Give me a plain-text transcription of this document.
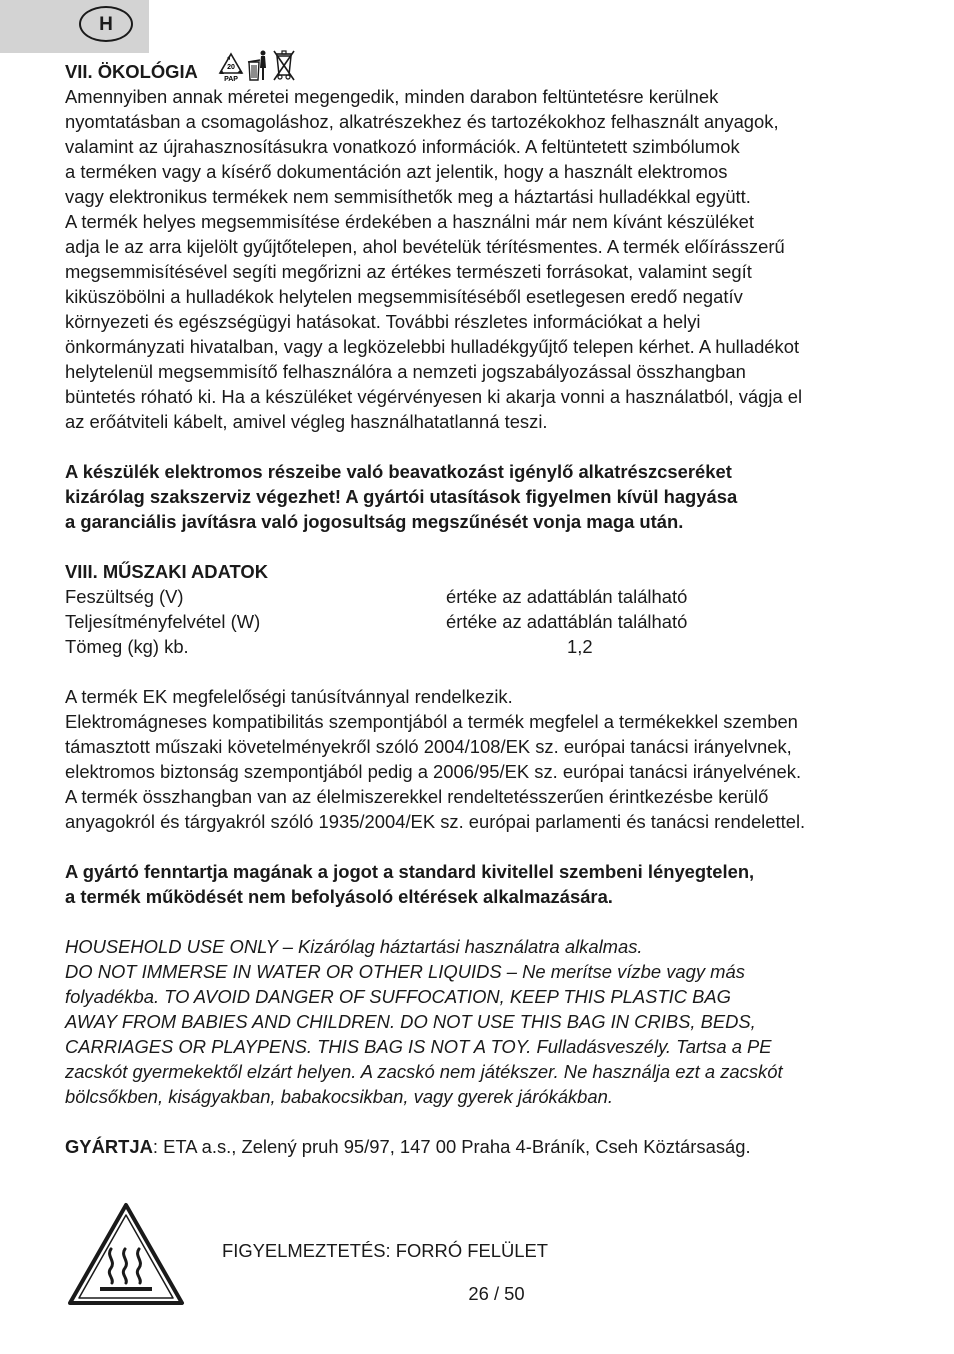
H
VII. ÖKOLÓGIA	20
PAP

Amennyiben annak méretei megengedik, minden darabon feltüntetésre kerülnek

nyomtatásban a csomagoláshoz, alkatrészekhez és tartozékokhoz felhasznált anyagok,

valamint az újrahasznosításukra vonatkozó információk. A feltüntetett szimbólumok

a terméken vagy a kísérő dokumentáción azt jelentik, hogy a használt elektromos

vagy elektronikus termékek nem semmisíthetők meg a háztartási hulladékkal együtt.

A termék helyes megsemmisítése érdekében a használni már nem kívánt készüléket

adja le az arra kijelölt gyűjtőtelepen, ahol bevételük térítésmentes. A termék előírásszerű

megsemmisítésével segíti megőrizni az értékes természeti forrásokat, valamint segít

kiküszöbölni a hulladékok helytelen megsemmisítéséből esetlegesen eredő negatív

környezeti és egészségügyi hatásokat. További részletes információkat a helyi

önkormányzati hivatalban, vagy a legközelebbi hulladékgyűjtő telepen kérhet. A hulladékot

helytelenül megsemmisítő felhasználóra a nemzeti jogszabályozással összhangban

büntetés róható ki. Ha a készüléket végérvényesen ki akarja vonni a használatból, vágja el

az erőátviteli kábelt, amivel végleg használhatatlanná teszi.

A készülék elektromos részeibe való beavatkozást igénylő alkatrészcseréket

kizárólag szakszerviz végezhet! A gyártói utasítások figyelmen kívül hagyása

a garanciális javításra való jogosultság megszűnését vonja maga után.

VIII. MŰSZAKI ADATOK

Feszültség (V)	értéke az adattáblán található
Teljesítményfelvétel (W)	értéke az adattáblán található
Tömeg (kg) kb.	1,2

A termék EK megfelelőségi tanúsítvánnyal rendelkezik.

Elektromágneses kompatibilitás szempontjából a termék megfelel a termékekkel szemben

támasztott műszaki követelményekről szóló 2004/108/EK sz. európai tanácsi irányelvnek,

elektromos biztonság szempontjából pedig a 2006/95/EK sz. európai tanácsi irányelvének.

A termék összhangban van az élelmiszerekkel rendeltetésszerűen érintkezésbe kerülő

anyagokról és tárgyakról szóló 1935/2004/EK sz. európai parlamenti és tanácsi rendelettel.

A gyártó fenntartja magának a jogot a standard kivitellel szembeni lényegtelen,

a termék működését nem befolyásoló eltérések alkalmazására.

HOUSEHOLD USE ONLY – Kizárólag háztartási használatra alkalmas.

DO NOT IMMERSE IN WATER OR OTHER LIQUIDS – Ne merítse vízbe vagy más

folyadékba. TO AVOID DANGER OF SUFFOCATION, KEEP THIS PLASTIC BAG

AWAY FROM BABIES AND CHILDREN. DO NOT USE THIS BAG IN CRIBS, BEDS,

CARRIAGES OR PLAYPENS. THIS BAG IS NOT A TOY. Fulladásveszély. Tartsa a PE

zacskót gyermekektől elzárt helyen. A zacskó nem játékszer. Ne használja ezt a zacskót

bölcsőkben, kiságyakban, babakocsikban, vagy gyerek járókákban.

GYÁRTJA: ETA a.s., Zelený pruh 95/97, 147 00 Praha 4-Bráník, Cseh Köztársaság.

FIGYELMEZTETÉS: FORRÓ FELÜLET
26 / 50
